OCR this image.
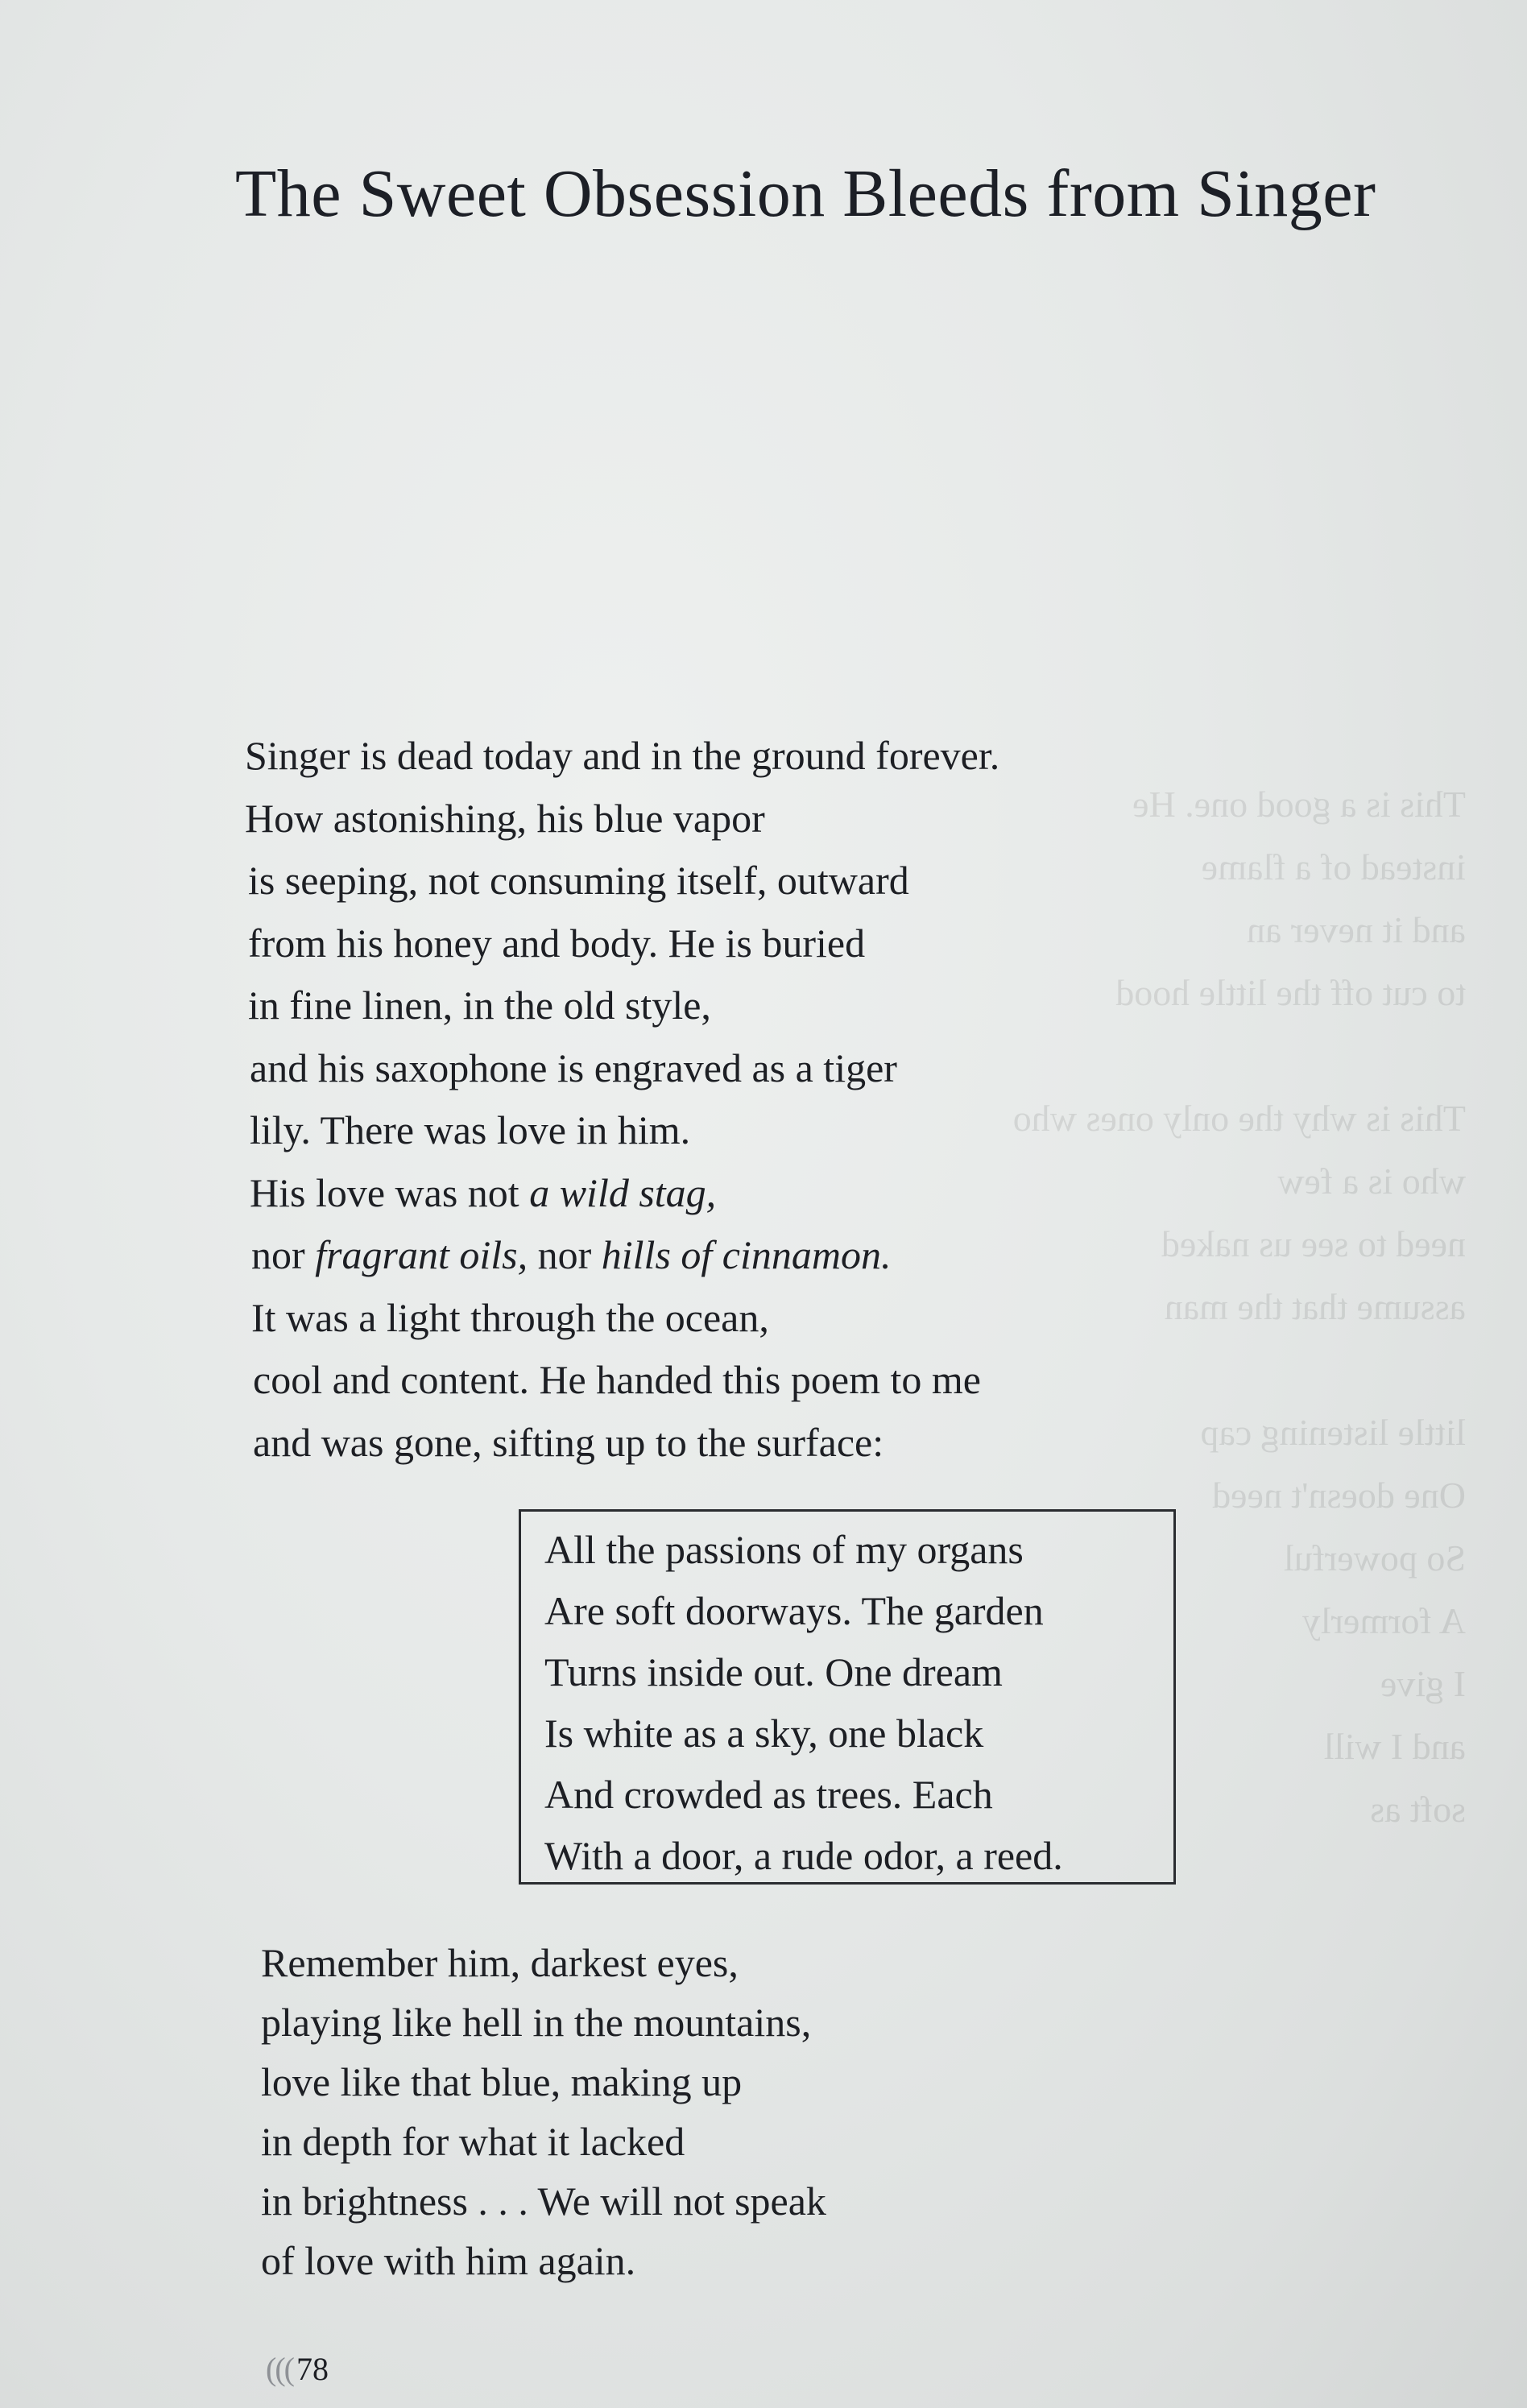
This is a good one. He
instead of a flame
and it never an
to cut off the little hood

This is why the only ones who
who is a few
need to see us naked
assume that the man

little listening cap
One doesn't need
So powerful
A formerly
I give
and I will
soft as

The Sweet Obsession Bleeds from Singer
Singer is dead today and in the ground forever.
How astonishing, his blue vapor
is seeping, not consuming itself, outward
from his honey and body. He is buried
in fine linen, in the old style,
and his saxophone is engraved as a tiger
lily. There was love in him.
His love was not a wild stag,
nor fragrant oils, nor hills of cinnamon.
It was a light through the ocean,
cool and content. He handed this poem to me
and was gone, sifting up to the surface:
All the passions of my organs
Are soft doorways. The garden
Turns inside out. One dream
Is white as a sky, one black
And crowded as trees. Each
With a door, a rude odor, a reed.
Remember him, darkest eyes,
playing like hell in the mountains,
love like that blue, making up
in depth for what it lacked
in brightness . . . We will not speak
of love with him again.
((( 78
